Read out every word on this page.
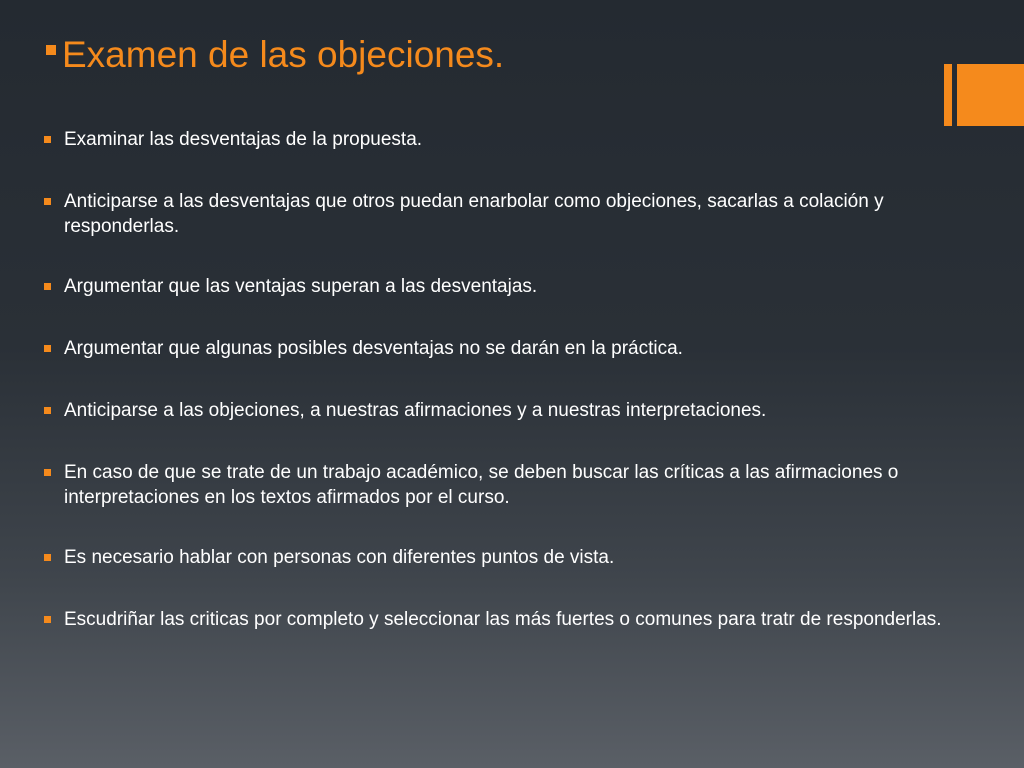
Examen de las objeciones.
Examinar las desventajas de la propuesta.
Anticiparse a las desventajas que otros puedan enarbolar como objeciones, sacarlas a colación y responderlas.
Argumentar que las ventajas superan a las desventajas.
Argumentar que algunas posibles desventajas no se darán en la práctica.
Anticiparse a las objeciones, a nuestras afirmaciones y a nuestras interpretaciones.
En caso de que se trate de un trabajo académico, se deben buscar las críticas a las afirmaciones o interpretaciones en los textos afirmados por el curso.
Es necesario hablar con personas con diferentes puntos de vista.
Escudriñar las criticas por completo y seleccionar las más fuertes o comunes para tratr de responderlas.
